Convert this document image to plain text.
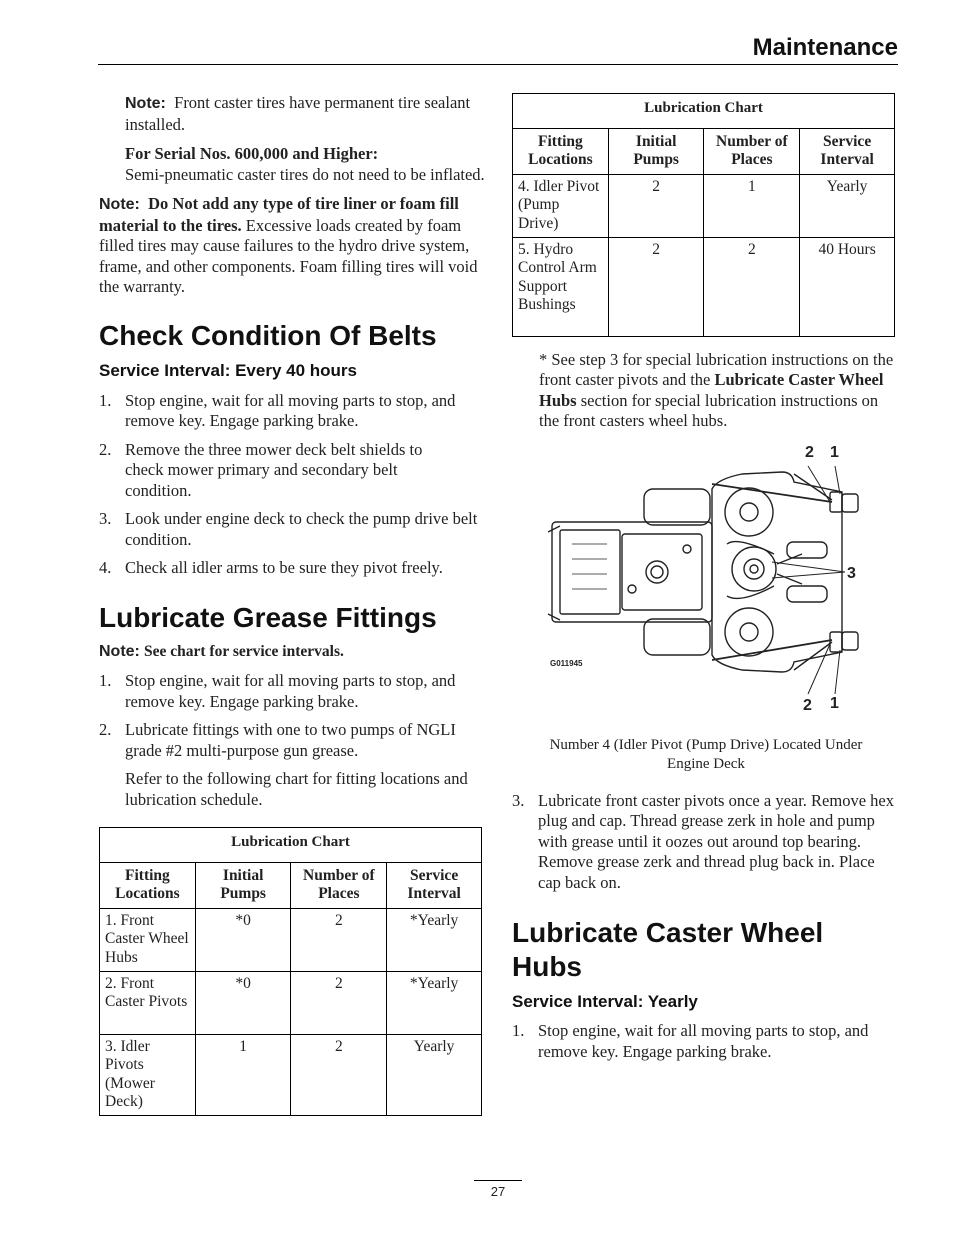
Maintenance

Note: Front caster tires have permanent tire sealant installed.

For Serial Nos. 600,000 and Higher:
Semi-pneumatic caster tires do not need to be inflated.

Note: Do Not add any type of tire liner or foam fill material to the tires. Excessive loads created by foam filled tires may cause failures to the hydro drive system, frame, and other components. Foam filling tires will void the warranty.

Check Condition Of Belts
Service Interval: Every 40 hours
1. Stop engine, wait for all moving parts to stop, and remove key. Engage parking brake.
2. Remove the three mower deck belt shields to check mower primary and secondary belt condition.
3. Look under engine deck to check the pump drive belt condition.
4. Check all idler arms to be sure they pivot freely.
Lubricate Grease Fittings

Note: See chart for service intervals.

1. Stop engine, wait for all moving parts to stop, and remove key. Engage parking brake.
2. Lubricate fittings with one to two pumps of NGLI grade #2 multi-purpose gun grease.

Refer to the following chart for fitting locations and lubrication schedule.

Lubrication Chart			
Fitting Locations	Initial Pumps	Number of Places	Service Interval
1. Front Caster Wheel Hubs	*0	2	*Yearly
2. Front Caster Pivots	*0	2	*Yearly
3. Idler Pivots (Mower Deck)	1	2	Yearly
Lubrication Chart			
Fitting Locations	Initial Pumps	Number of Places	Service Interval
4. Idler Pivot (Pump Drive)	2	1	Yearly
5. Hydro Control Arm Support Bushings	2	2	40 Hours

* See step 3 for special lubrication instructions on the front caster pivots and the Lubricate Caster Wheel Hubs section for special lubrication instructions on the front casters wheel hubs.

G011945
2 1
3
2 1

Number 4 (Idler Pivot (Pump Drive) Located Under Engine Deck

3. Lubricate front caster pivots once a year. Remove hex plug and cap. Thread grease zerk in hole and pump with grease until it oozes out around top bearing. Remove grease zerk and thread plug back in. Place cap back on.
Lubricate Caster Wheel Hubs
Service Interval: Yearly
1. Stop engine, wait for all moving parts to stop, and remove key. Engage parking brake.
27
